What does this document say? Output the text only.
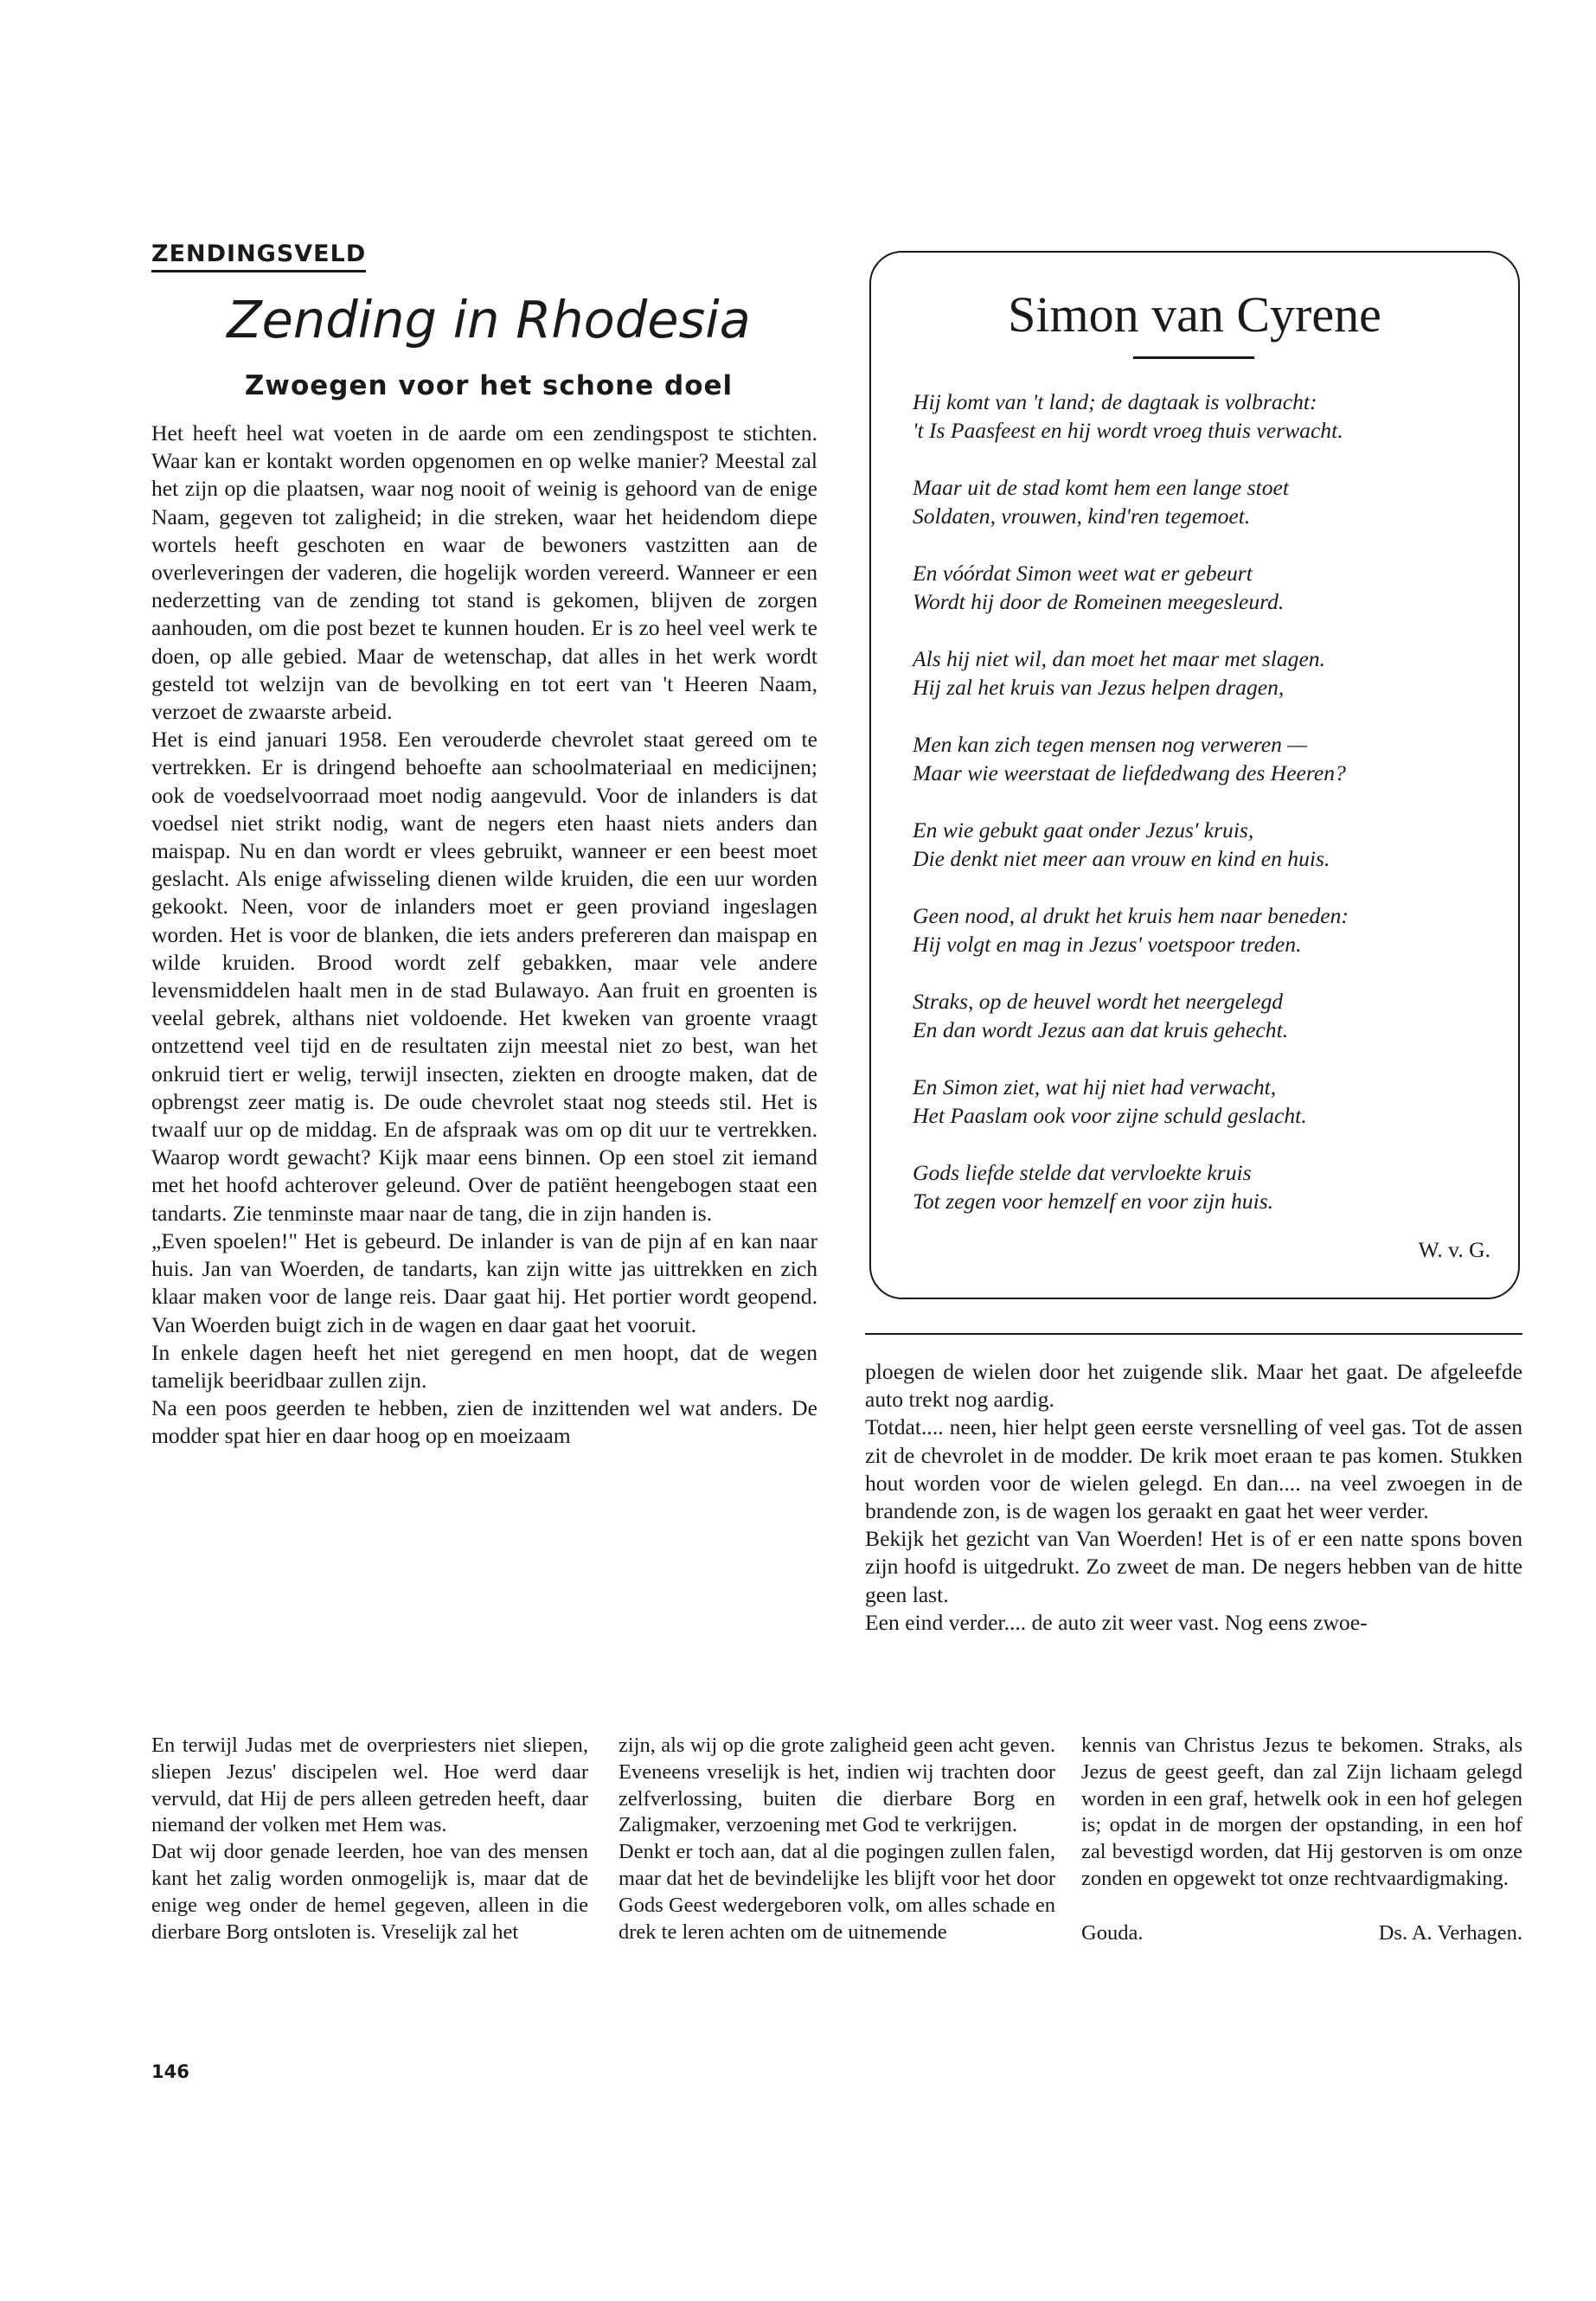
ZENDINGSVELD
Zending in Rhodesia
Zwoegen voor het schone doel

Het heeft heel wat voeten in de aarde om een zendingspost te stichten. Waar kan er kontakt worden opgenomen en op welke manier? Meestal zal het zijn op die plaatsen, waar nog nooit of weinig is gehoord van de enige Naam, gegeven tot zaligheid; in die streken, waar het heidendom diepe wortels heeft geschoten en waar de bewoners vastzitten aan de overleveringen der vaderen, die hogelijk worden vereerd. Wanneer er een nederzetting van de zending tot stand is gekomen, blijven de zorgen aanhouden, om die post bezet te kunnen houden. Er is zo heel veel werk te doen, op alle gebied. Maar de wetenschap, dat alles in het werk wordt gesteld tot welzijn van de bevolking en tot eert van 't Heeren Naam, verzoet de zwaarste arbeid.

Het is eind januari 1958. Een verouderde chevrolet staat gereed om te vertrekken. Er is dringend behoefte aan schoolmateriaal en medicijnen; ook de voedselvoorraad moet nodig aangevuld. Voor de inlanders is dat voedsel niet strikt nodig, want de negers eten haast niets anders dan maispap. Nu en dan wordt er vlees gebruikt, wanneer er een beest moet geslacht. Als enige afwisseling dienen wilde kruiden, die een uur worden gekookt. Neen, voor de inlanders moet er geen proviand ingeslagen worden. Het is voor de blanken, die iets anders prefereren dan maispap en wilde kruiden. Brood wordt zelf gebakken, maar vele andere levensmiddelen haalt men in de stad Bulawayo. Aan fruit en groenten is veelal gebrek, althans niet voldoende. Het kweken van groente vraagt ontzettend veel tijd en de resultaten zijn meestal niet zo best, wan het onkruid tiert er welig, terwijl insecten, ziekten en droogte maken, dat de opbrengst zeer matig is. De oude chevrolet staat nog steeds stil. Het is twaalf uur op de middag. En de afspraak was om op dit uur te vertrekken. Waarop wordt gewacht? Kijk maar eens binnen. Op een stoel zit iemand met het hoofd achterover geleund. Over de patiënt heengebogen staat een tandarts. Zie tenminste maar naar de tang, die in zijn handen is.

„Even spoelen!" Het is gebeurd. De inlander is van de pijn af en kan naar huis. Jan van Woerden, de tandarts, kan zijn witte jas uittrekken en zich klaar maken voor de lange reis. Daar gaat hij. Het portier wordt geopend. Van Woerden buigt zich in de wagen en daar gaat het vooruit.

In enkele dagen heeft het niet geregend en men hoopt, dat de wegen tamelijk beeridbaar zullen zijn.

Na een poos geerden te hebben, zien de inzittenden wel wat anders. De modder spat hier en daar hoog op en moeizaam

Simon van Cyrene
Hij komt van 't land; de dagtaak is volbracht:
't Is Paasfeest en hij wordt vroeg thuis verwacht.
Maar uit de stad komt hem een lange stoet
Soldaten, vrouwen, kind'ren tegemoet.
En vóórdat Simon weet wat er gebeurt
Wordt hij door de Romeinen meegesleurd.
Als hij niet wil, dan moet het maar met slagen.
Hij zal het kruis van Jezus helpen dragen,
Men kan zich tegen mensen nog verweren —
Maar wie weerstaat de liefdedwang des Heeren?
En wie gebukt gaat onder Jezus' kruis,
Die denkt niet meer aan vrouw en kind en huis.
Geen nood, al drukt het kruis hem naar beneden:
Hij volgt en mag in Jezus' voetspoor treden.
Straks, op de heuvel wordt het neergelegd
En dan wordt Jezus aan dat kruis gehecht.
En Simon ziet, wat hij niet had verwacht,
Het Paaslam ook voor zijne schuld geslacht.
Gods liefde stelde dat vervloekte kruis
Tot zegen voor hemzelf en voor zijn huis.
W. v. G.

ploegen de wielen door het zuigende slik. Maar het gaat. De afgeleefde auto trekt nog aardig.

Totdat.... neen, hier helpt geen eerste versnelling of veel gas. Tot de assen zit de chevrolet in de modder. De krik moet eraan te pas komen. Stukken hout worden voor de wielen gelegd. En dan.... na veel zwoegen in de brandende zon, is de wagen los geraakt en gaat het weer verder.

Bekijk het gezicht van Van Woerden! Het is of er een natte spons boven zijn hoofd is uitgedrukt. Zo zweet de man. De negers hebben van de hitte geen last.

Een eind verder.... de auto zit weer vast. Nog eens zwoe-

En terwijl Judas met de overpriesters niet sliepen, sliepen Jezus' discipelen wel. Hoe werd daar vervuld, dat Hij de pers alleen getreden heeft, daar niemand der volken met Hem was.

Dat wij door genade leerden, hoe van des mensen kant het zalig worden onmogelijk is, maar dat de enige weg onder de hemel gegeven, alleen in die dierbare Borg ontsloten is. Vreselijk zal het

zijn, als wij op die grote zaligheid geen acht geven. Eveneens vreselijk is het, indien wij trachten door zelfverlossing, buiten die dierbare Borg en Zaligmaker, verzoening met God te verkrijgen.

Denkt er toch aan, dat al die pogingen zullen falen, maar dat het de bevindelijke les blijft voor het door Gods Geest wedergeboren volk, om alles schade en drek te leren achten om de uitnemende

kennis van Christus Jezus te bekomen. Straks, als Jezus de geest geeft, dan zal Zijn lichaam gelegd worden in een graf, hetwelk ook in een hof gelegen is; opdat in de morgen der opstanding, in een hof zal bevestigd worden, dat Hij gestorven is om onze zonden en opgewekt tot onze rechtvaardigmaking.

Gouda.	Ds. A. Verhagen.
146
